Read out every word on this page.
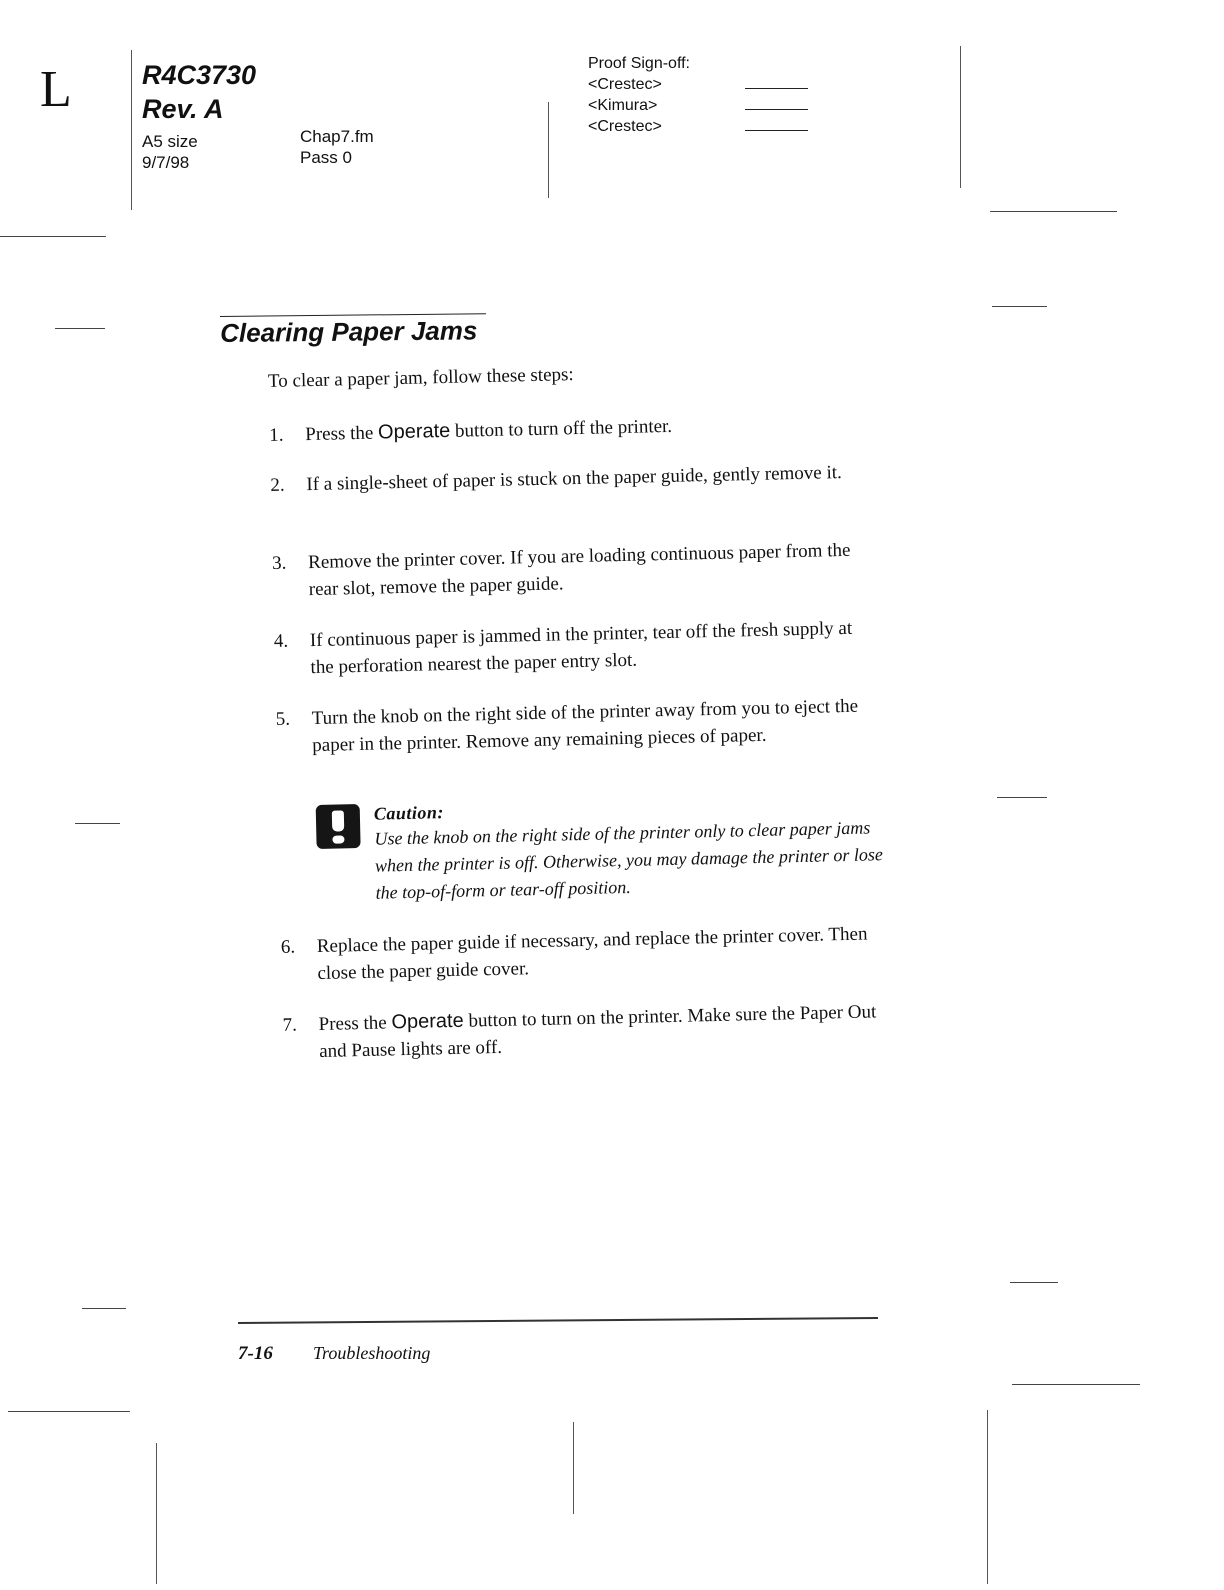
L	R4C3730
Rev. A
A5 size
9/7/98
Chap7.fm
Pass 0
Proof Sign-off:
<Crestec>
<Kimura>
<Crestec>
Clearing Paper Jams
To clear a paper jam, follow these steps:
1.	Press the Operate button to turn off the printer.
2.	If a single-sheet of paper is stuck on the paper guide, gently remove it.
3.	Remove the printer cover. If you are loading continuous paper from the rear slot, remove the paper guide.
4.	If continuous paper is jammed in the printer, tear off the fresh supply at the perforation nearest the paper entry slot.
5.	Turn the knob on the right side of the printer away from you to eject the paper in the printer. Remove any remaining pieces of paper.
Caution:
Use the knob on the right side of the printer only to clear paper jams when the printer is off. Otherwise, you may damage the printer or lose the top-of-form or tear-off position.
6.	Replace the paper guide if necessary, and replace the printer cover. Then close the paper guide cover.
7.	Press the Operate button to turn on the printer. Make sure the Paper Out and Pause lights are off.
7-16 Troubleshooting
